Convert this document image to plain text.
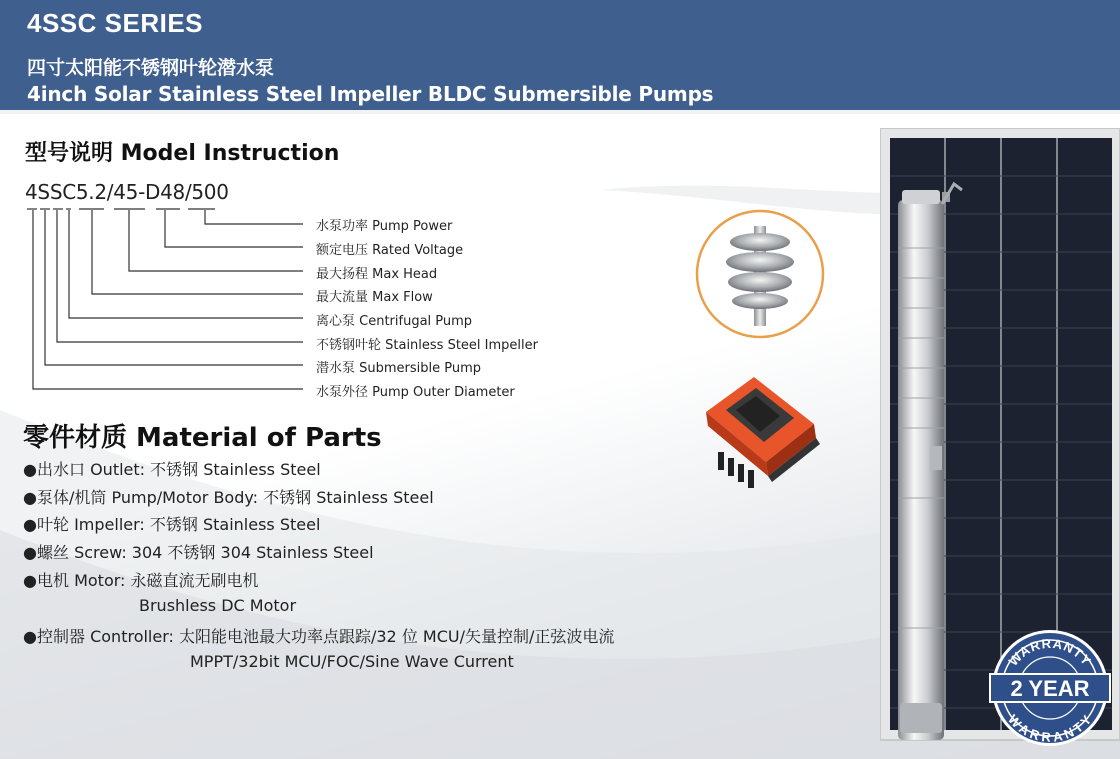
4SSC SERIES
四寸太阳能不锈钢叶轮潜水泵
4inch Solar Stainless Steel Impeller BLDC Submersible Pumps
型号说明 Model Instruction
4SSC5.2/45-D48/500
水泵功率 Pump Power
额定电压 Rated Voltage
最大扬程 Max Head
最大流量 Max Flow
离心泵 Centrifugal Pump
不锈钢叶轮 Stainless Steel Impeller
潜水泵 Submersible Pump
水泵外径 Pump Outer Diameter
零件材质 Material of Parts
●出水口 Outlet: 不锈钢 Stainless Steel
●泵体/机筒 Pump/Motor Body: 不锈钢 Stainless Steel
●叶轮 Impeller: 不锈钢 Stainless Steel
●螺丝 Screw: 304 不锈钢 304 Stainless Steel
●电机 Motor: 永磁直流无刷电机
Brushless DC Motor
●控制器 Controller: 太阳能电池最大功率点跟踪/32 位 MCU/矢量控制/正弦波电流
MPPT/32bit MCU/FOC/Sine Wave Current	WARRANTY
2 YEAR
WARRANTY
